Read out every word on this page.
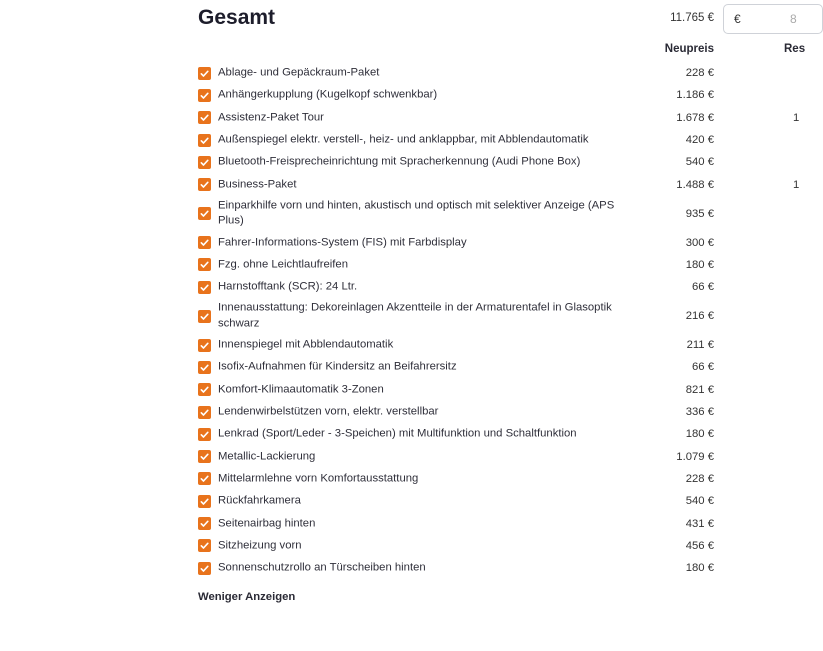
Gesamt	11.765 € €	8
Neupreis	Res
Ablage- und Gepäckraum-Paket	228 €
Anhängerkupplung (Kugelkopf schwenkbar)	1.186 €
Assistenz-Paket Tour	1.678 €	1
Außenspiegel elektr. verstell-, heiz- und anklappbar, mit Abblendautomatik	420 €
Bluetooth-Freisprecheinrichtung mit Spracherkennung (Audi Phone Box)	540 €
Business-Paket	1.488 €	1
Einparkhilfe vorn und hinten, akustisch und optisch mit selektiver Anzeige (APS Plus)
935 €
Fahrer-Informations-System (FIS) mit Farbdisplay	300 €
Fzg. ohne Leichtlaufreifen	180 €
Harnstofftank (SCR): 24 Ltr.	66 €
Innenausstattung: Dekoreinlagen Akzentteile in der Armaturentafel in Glasoptik schwarz
216 €
Innenspiegel mit Abblendautomatik	211 €
Isofix-Aufnahmen für Kindersitz an Beifahrersitz	66 €
Komfort-Klimaautomatik 3-Zonen	821 €
Lendenwirbelstützen vorn, elektr. verstellbar	336 €
Lenkrad (Sport/Leder - 3-Speichen) mit Multifunktion und Schaltfunktion	180 €
Metallic-Lackierung	1.079 €
Mittelarmlehne vorn Komfortausstattung	228 €
Rückfahrkamera	540 €
Seitenairbag hinten	431 €
Sitzheizung vorn	456 €
Sonnenschutzrollo an Türscheiben hinten	180 €
Weniger Anzeigen
